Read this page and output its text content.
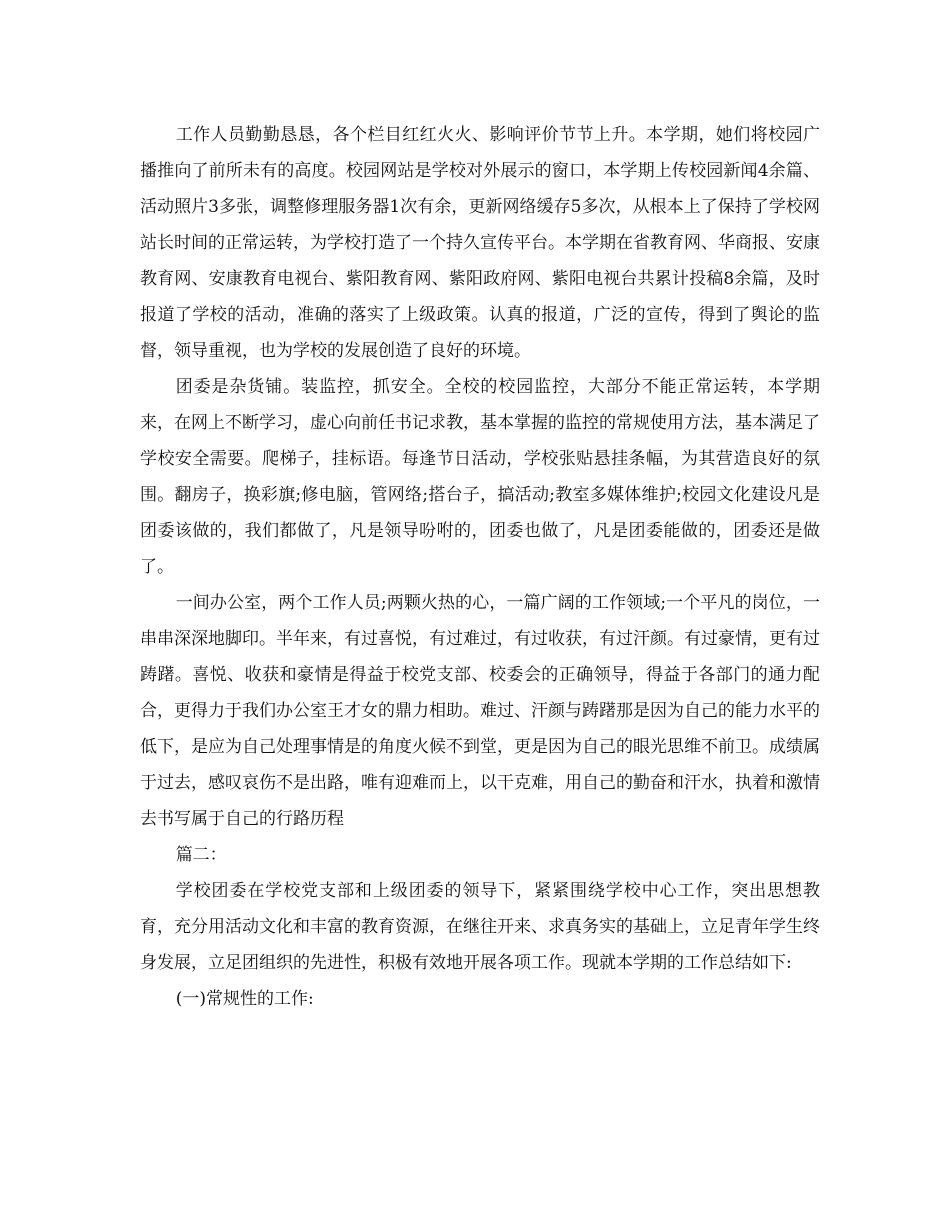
工作人员勤勤恳恳，各个栏目红红火火、影响评价节节上升。本学期，她们将校园广播推向了前所未有的高度。校园网站是学校对外展示的窗口，本学期上传校园新闻4余篇、活动照片3多张，调整修理服务器1次有余，更新网络缓存5多次，从根本上了保持了学校网站长时间的正常运转，为学校打造了一个持久宣传平台。本学期在省教育网、华商报、安康教育网、安康教育电视台、紫阳教育网、紫阳政府网、紫阳电视台共累计投稿8余篇，及时报道了学校的活动，准确的落实了上级政策。认真的报道，广泛的宣传，得到了舆论的监督，领导重视，也为学校的发展创造了良好的环境。

团委是杂货铺。装监控，抓安全。全校的校园监控，大部分不能正常运转，本学期来，在网上不断学习，虚心向前任书记求教，基本掌握的监控的常规使用方法，基本满足了学校安全需要。爬梯子，挂标语。每逢节日活动，学校张贴悬挂条幅，为其营造良好的氛围。翻房子，换彩旗;修电脑，管网络;搭台子，搞活动;教室多媒体维护;校园文化建设凡是团委该做的，我们都做了，凡是领导吩咐的，团委也做了，凡是团委能做的，团委还是做了。

一间办公室，两个工作人员;两颗火热的心，一篇广阔的工作领域;一个平凡的岗位，一串串深深地脚印。半年来，有过喜悦，有过难过，有过收获，有过汗颜。有过豪情，更有过踌躇。喜悦、收获和豪情是得益于校党支部、校委会的正确领导，得益于各部门的通力配合，更得力于我们办公室王才女的鼎力相助。难过、汗颜与踌躇那是因为自己的能力水平的低下，是应为自己处理事情是的角度火候不到堂，更是因为自己的眼光思维不前卫。成绩属于过去，感叹哀伤不是出路，唯有迎难而上，以干克难，用自己的勤奋和汗水，执着和激情去书写属于自己的行路历程

篇二：

学校团委在学校党支部和上级团委的领导下，紧紧围绕学校中心工作，突出思想教育，充分用活动文化和丰富的教育资源，在继往开来、求真务实的基础上，立足青年学生终身发展，立足团组织的先进性，积极有效地开展各项工作。现就本学期的工作总结如下:

(一)常规性的工作:
